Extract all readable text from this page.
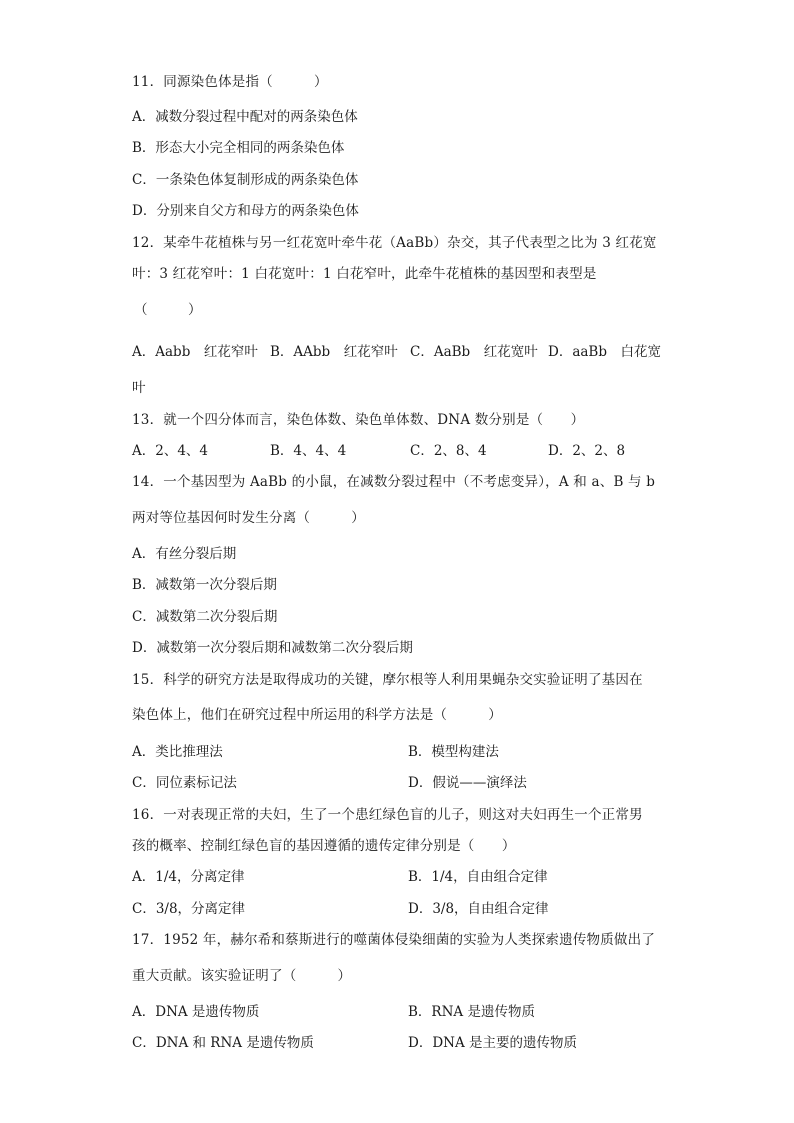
11．同源染色体是指（　　　）
A．减数分裂过程中配对的两条染色体
B．形态大小完全相同的两条染色体
C．一条染色体复制形成的两条染色体
D．分别来自父方和母方的两条染色体
12．某牵牛花植株与另一红花宽叶牵牛花（AaBb）杂交，其子代表型之比为 3 红花宽
叶：3 红花窄叶：1 白花宽叶：1 白花窄叶，此牵牛花植株的基因型和表型是
（　　　）
A．Aabb　红花窄叶 B．AAbb　红花窄叶 C．AaBb　红花宽叶 D．aaBb　白花宽
叶
13．就一个四分体而言，染色体数、染色单体数、DNA 数分别是（　　）
A．2、4、4	B．4、4、4	C．2、8、4	D．2、2、8
14．一个基因型为 AaBb 的小鼠，在减数分裂过程中（不考虑变异），A 和 a、B 与 b
两对等位基因何时发生分离（　　　）
A．有丝分裂后期
B．减数第一次分裂后期
C．减数第二次分裂后期
D．减数第一次分裂后期和减数第二次分裂后期
15．科学的研究方法是取得成功的关键，摩尔根等人利用果蝇杂交实验证明了基因在
染色体上，他们在研究过程中所运用的科学方法是（　　　）
A．类比推理法	B．模型构建法
C．同位素标记法	D．假说——演绎法
16．一对表现正常的夫妇，生了一个患红绿色盲的儿子，则这对夫妇再生一个正常男
孩的概率、控制红绿色盲的基因遵循的遗传定律分别是（　　）
A．1/4，分离定律	B．1/4，自由组合定律
C．3/8，分离定律	D．3/8，自由组合定律
17．1952 年，赫尔希和蔡斯进行的噬菌体侵染细菌的实验为人类探索遗传物质做出了
重大贡献。该实验证明了（　　　）
A．DNA 是遗传物质	B．RNA 是遗传物质
C．DNA 和 RNA 是遗传物质	D．DNA 是主要的遗传物质
